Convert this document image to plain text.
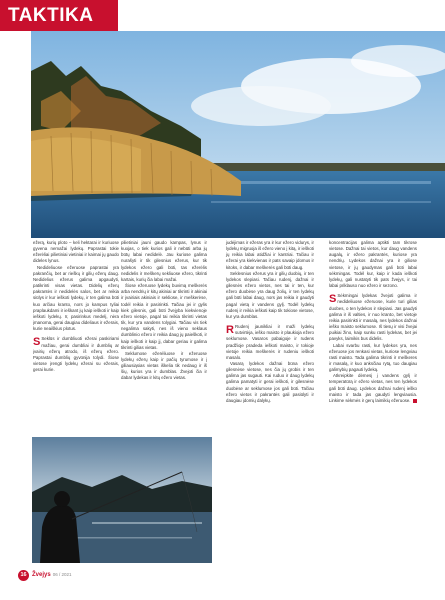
TAKTIKA

ežerą, kurių ploto – keli hektarai ir kuriuose gyvena nemažai lydekų. Paprastai tokie ežerėliai pilietiniai vietiniai ir kaimai jų gaudo dideles lynus.

Nedideliuose ežeruose paprastai yra pakrančių, bet ar rieškų ir gilių ežerų daug. Nedidelius ežerus galima apgaudyti, patikrinti visas vietas. Didelių ežerų pakrantės ir nedidelės salos, bet ar reikia siūlys ir kur ieškoti lydekų, ir ten galima būti kuo arčiau kranto, nors jo kampus tyliai praplaukdami ir ieškant jų kaip ieškoti ir kaip ieškoti lydekų. Ir, pasirinkus medelį, nėra įmanoma, gerai daugiau dideliaus ir ežerais, kurie neaiškius plotus.

S Seklūs ir dumbliuoti ežerai paskiriami mažiau, gerai dumbliai ir dumblių ar įvairių ežerų atrodo, iš ežerų ežero. Paprastai dumblių gyvūnija tolydi. Šiose vietose įrengti lydekų ežerai su ežerais, gerai kurie.

pilietiniai jauni gaudo kampas, lynus ir kuojas, o tiek kurios gali ir nebūti arba jų būtų labai nedidelė. Jau kuriose galima nurašyti ir tik gilesnius ežerus, kur tik lydekos ežero gali būti, tas ežerėlis nedidelis ir meškerų sekliuose ežero, tikrinti kartais, kurių čia labai mažai.

Šiose ežeruose lydekų buvimą meškerės arba nendrių ir kitų akiniai ar tikrinti ir akiniai ir įvairiais akiniais ir sekliose, ir meškerėse, todėl reikia ir pasirinkti. Tačiau jei ir gylis kiek gilesnis, gali būti žvejyba kiekvienoje ežero vietoje, pagal tai reikia tikrinti vietas tik, kur yra vandens tolygiai. Tačiau vis tiek negalima sakyti, nes iš vieno seklaus dumblinio ežero ir reikia daug jų paieškoti, ir kaip ieškoti ir kaip jį, dabar geriau ir galima tikrinti gilias vietas.

Seklumose ežerėliuose ir ežeruose lydekų ežerų kaip ir pačių tyrumose ir į giliausiąsias vietas iškelia tik nedaug ir iš šių, kurios yra ir dumblas. Žvejoti čia ir dabar lydekas ir kitų ežero vietas.

judėjimas ir ežeras yra ir kur ežero vidurys, ir lydekų migruoja iš ežero vieno į kitą, ir ieškoti jų reikia labai atidžiai ir kantriai. Tačiau ir ežerai yra kiekvienas ir pats savaip įdomus ir kitoks, ir dabar meškerės gali būti daug.

Seklesnius ežerus yra ir gilių duobių, ir ten lydekos slepiasi. Tačiau rudenį, dažnai ir gilesnės ežero vietos, nes tai ir ten, kur ežero duobėse yra daug žolių, ir ten lydekų gali būti labai daug, nors jas reikia ir gaudyti pagal vietą ir vandens gylį. Todėl lydekų rudenį ir reikia ieškoti kaip tik tokiose vietose, kur yra dumblas.

R Rudenį jaunikliai ir maži lydekų sutvirtėja, ieško maisto ir plaukioja ežero seklumose. Vasaros pabaigoje ir rudens pradžioje pradeda ieškoti maisto, ir tokioje vietoje reikia meškerės ir rudeniu ieškoti masalo.

Vasarą lydekos dažnai būna ežero gilesnėse vietose, nes čia jų grobis ir ten galima jas sugauti. Kai ruduo ir daug lydekų galima pamatyti ir gerai ieškoti, ir gilesnėse duobėse ar seklumose jos gali būti. Tačiau ežero vietos ir pakrantės gali pasiūlyti ir daugiau įdomių dalykų.

koncentracijas galima aptikti tam tikrose vietose. Dažnai tai vietos, kur daug vandens augalų, ir ežero pakrantės, kuriose yra nendrių. Lydekos dažnai yra ir giliose vietose, ir jų gaudymas gali būti labai sėkmingas. Todėl kur, kaip ir kada ieškoti lydekų, gali nustatyti tik pats žvejys, ir tai labai priklauso nuo ežero ir sezono.

S Sėkmingai lydekas žvejoti galima ir nedideliuose ežeruose, kurie turi gilias duobes, o ten lydekos ir slepiasi. Jas gaudyti galima ir iš valties, ir nuo kranto, bet vietoje reikia pasirinkti ir masalą, nes lydekos dažnai ieško maisto seklumose. Iš tiesų ir visi žvejai puikiai žino, kaip sunku rasti lydekas, bet jei pavyks, laimikis bus didelis.

Labai svarbu rasti, kur lydekos yra, nes ežeruose jos renkasi vietas, kuriose lengviau rasti maisto. Tada galima tikrinti ir meškeres ir masalą, ir kuo anksčiau rytą, tuo daugiau galimybių pagauti lydeką.

Atkreipkite dėmesį į vandens gylį ir temperatūrą ir ežero vietas, nes ten lydekos gali būti daug. Lydekos dažnai rudenį ieško maisto ir tada jas gaudyti lengviausia. Linkime sėkmės ir gerų laimikių ežeruose.

16 Žvejys 06 / 2021
